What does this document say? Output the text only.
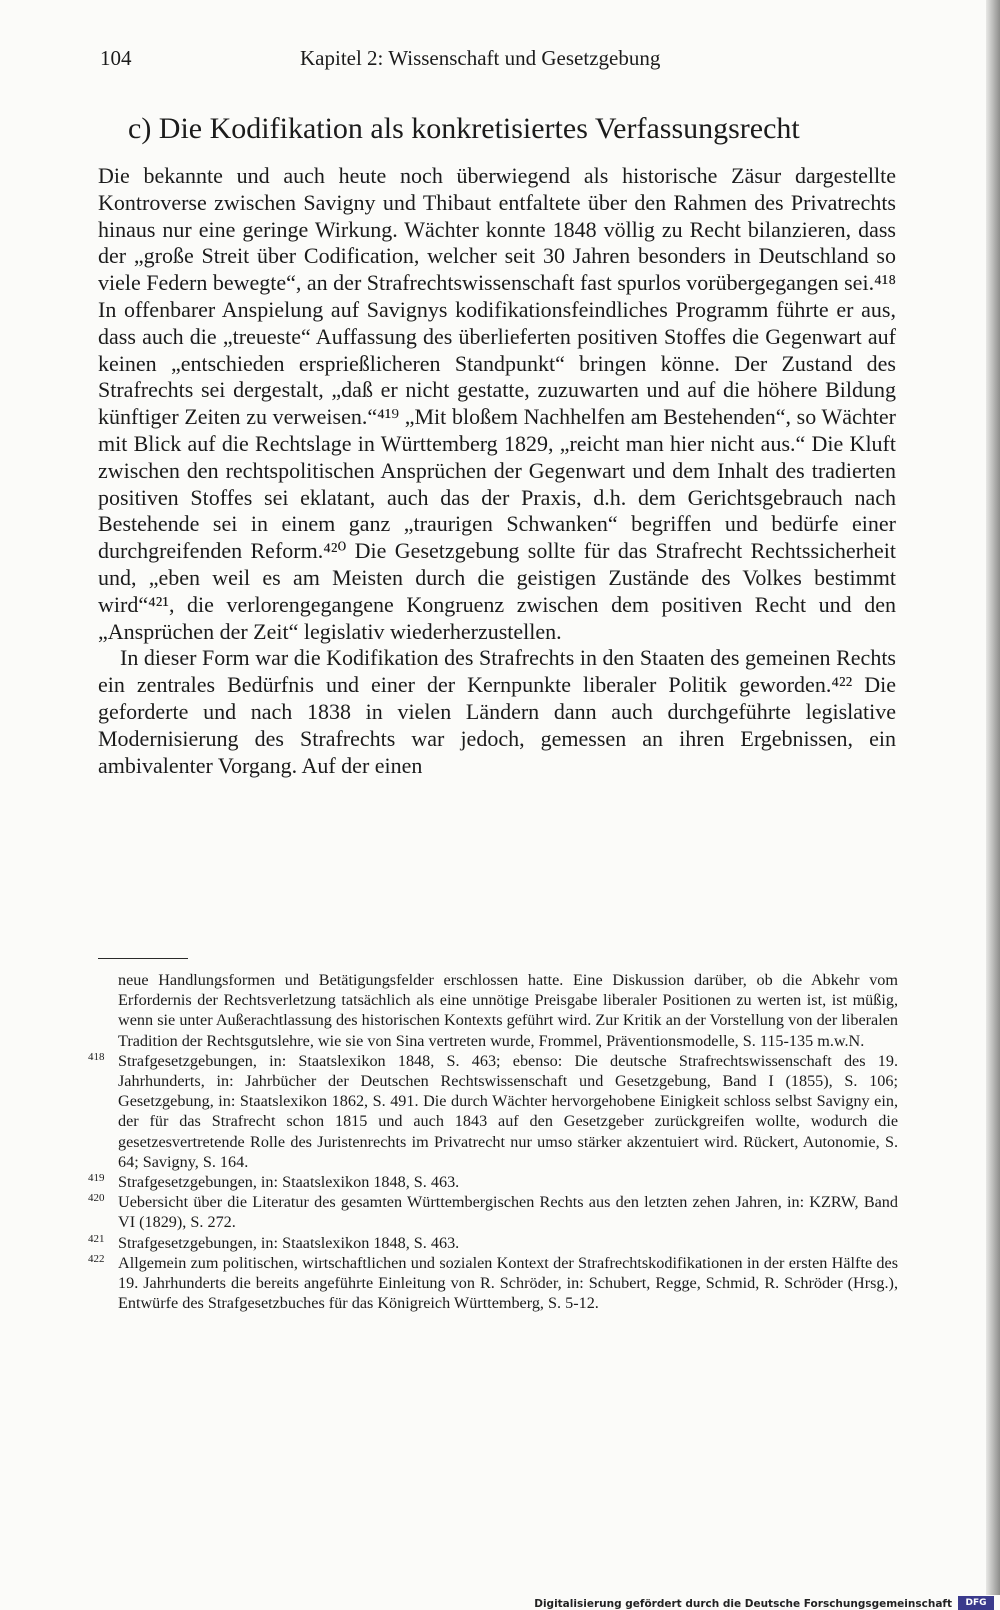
104	Kapitel 2: Wissenschaft und Gesetzgebung
c) Die Kodifikation als konkretisiertes Verfassungsrecht

Die bekannte und auch heute noch überwiegend als historische Zäsur dargestellte Kontroverse zwischen Savigny und Thibaut entfaltete über den Rahmen des Privatrechts hinaus nur eine geringe Wirkung. Wächter konnte 1848 völlig zu Recht bilanzieren, dass der „große Streit über Codification, welcher seit 30 Jahren besonders in Deutschland so viele Federn bewegte“, an der Strafrechtswissenschaft fast spurlos vorübergegangen sei.⁴¹⁸ In offenbarer Anspielung auf Savignys kodifikationsfeindliches Programm führte er aus, dass auch die „treueste“ Auffassung des überlieferten positiven Stoffes die Gegenwart auf keinen „entschieden ersprießlicheren Standpunkt“ bringen könne. Der Zustand des Strafrechts sei dergestalt, „daß er nicht gestatte, zuzuwarten und auf die höhere Bildung künftiger Zeiten zu verweisen.“⁴¹⁹ „Mit bloßem Nachhelfen am Bestehenden“, so Wächter mit Blick auf die Rechtslage in Württemberg 1829, „reicht man hier nicht aus.“ Die Kluft zwischen den rechtspolitischen Ansprüchen der Gegenwart und dem Inhalt des tradierten positiven Stoffes sei eklatant, auch das der Praxis, d.h. dem Gerichtsgebrauch nach Bestehende sei in einem ganz „traurigen Schwanken“ begriffen und bedürfe einer durchgreifenden Reform.⁴²⁰ Die Gesetzgebung sollte für das Strafrecht Rechtssicherheit und, „eben weil es am Meisten durch die geistigen Zustände des Volkes bestimmt wird“⁴²¹, die verlorengegangene Kongruenz zwischen dem positiven Recht und den „Ansprüchen der Zeit“ legislativ wiederherzustellen.

In dieser Form war die Kodifikation des Strafrechts in den Staaten des gemeinen Rechts ein zentrales Bedürfnis und einer der Kernpunkte liberaler Politik geworden.⁴²² Die geforderte und nach 1838 in vielen Ländern dann auch durchgeführte legislative Modernisierung des Strafrechts war jedoch, gemessen an ihren Ergebnissen, ein ambivalenter Vorgang. Auf der einen

neue Handlungsformen und Betätigungsfelder erschlossen hatte. Eine Diskussion darüber, ob die Abkehr vom Erfordernis der Rechtsverletzung tatsächlich als eine unnötige Preisgabe liberaler Positionen zu werten ist, ist müßig, wenn sie unter Außerachtlassung des historischen Kontexts geführt wird. Zur Kritik an der Vorstellung von der liberalen Tradition der Rechtsgutslehre, wie sie von Sina vertreten wurde, Frommel, Präventionsmodelle, S. 115-135 m.w.N.
418 Strafgesetzgebungen, in: Staatslexikon 1848, S. 463; ebenso: Die deutsche Strafrechtswissenschaft des 19. Jahrhunderts, in: Jahrbücher der Deutschen Rechtswissenschaft und Gesetzgebung, Band I (1855), S. 106; Gesetzgebung, in: Staatslexikon 1862, S. 491. Die durch Wächter hervorgehobene Einigkeit schloss selbst Savigny ein, der für das Strafrecht schon 1815 und auch 1843 auf den Gesetzgeber zurückgreifen wollte, wodurch die gesetzesvertretende Rolle des Juristenrechts im Privatrecht nur umso stärker akzentuiert wird. Rückert, Autonomie, S. 64; Savigny, S. 164.
419 Strafgesetzgebungen, in: Staatslexikon 1848, S. 463.
420 Uebersicht über die Literatur des gesamten Württembergischen Rechts aus den letzten zehen Jahren, in: KZRW, Band VI (1829), S. 272.
421 Strafgesetzgebungen, in: Staatslexikon 1848, S. 463.
422 Allgemein zum politischen, wirtschaftlichen und sozialen Kontext der Strafrechtskodifikationen in der ersten Hälfte des 19. Jahrhunderts die bereits angeführte Einleitung von R. Schröder, in: Schubert, Regge, Schmid, R. Schröder (Hrsg.), Entwürfe des Strafgesetzbuches für das Königreich Württemberg, S. 5-12.
Digitalisierung gefördert durch die Deutsche Forschungsgemeinschaft	DFG
